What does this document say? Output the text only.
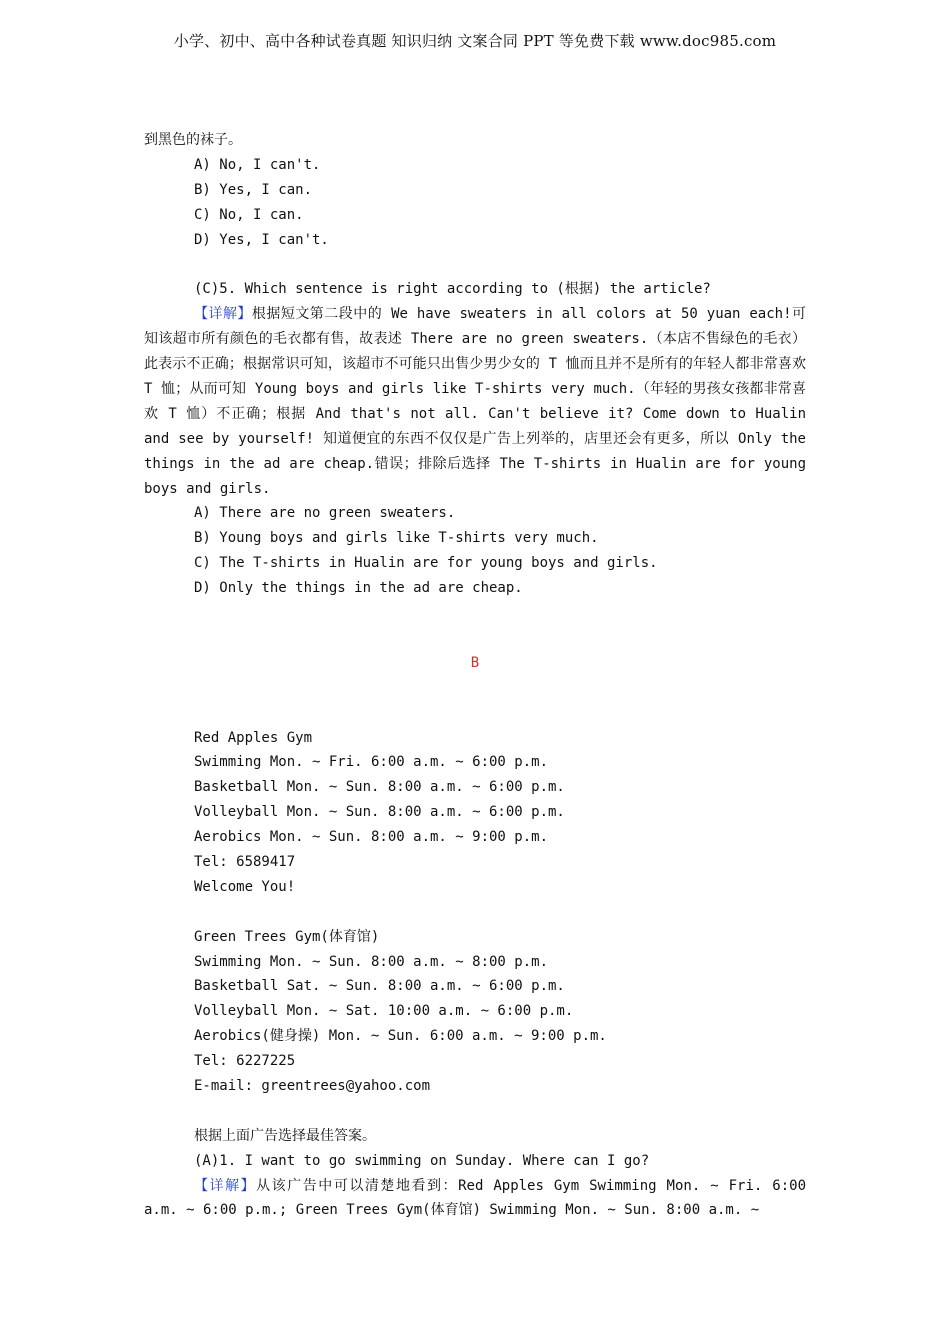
小学、初中、高中各种试卷真题 知识归纳 文案合同 PPT 等免费下载 www.doc985.com
到黑色的袜子。
A) No, I can't.
B) Yes, I can.
C) No, I can.
D) Yes, I can't.
(C)5. Which sentence is right according to (根据) the article?

【详解】根据短文第二段中的 We have sweaters in all colors at 50 yuan each!可知该超市所有颜色的毛衣都有售，故表述 There are no green sweaters.（本店不售绿色的毛衣）此表示不正确；根据常识可知，该超市不可能只出售少男少女的 T 恤而且并不是所有的年轻人都非常喜欢 T 恤；从而可知 Young boys and girls like T-shirts very much.（年轻的男孩女孩都非常喜欢 T 恤）不正确；根据 And that's not all. Can't believe it? Come down to Hualin and see by yourself! 知道便宜的东西不仅仅是广告上列举的，店里还会有更多，所以 Only the things in the ad are cheap.错误；排除后选择 The T-shirts in Hualin are for young boys and girls.

A) There are no green sweaters.
B) Young boys and girls like T-shirts very much.
C) The T-shirts in Hualin are for young boys and girls.
D) Only the things in the ad are cheap.
B
Red Apples Gym
Swimming Mon. ~ Fri. 6:00 a.m. ~ 6:00 p.m.
Basketball Mon. ~ Sun. 8:00 a.m. ~ 6:00 p.m.
Volleyball Mon. ~ Sun. 8:00 a.m. ~ 6:00 p.m.
Aerobics Mon. ~ Sun. 8:00 a.m. ~ 9:00 p.m.
Tel: 6589417
Welcome You!
Green Trees Gym(体育馆)
Swimming Mon. ~ Sun. 8:00 a.m. ~ 8:00 p.m.
Basketball Sat. ~ Sun. 8:00 a.m. ~ 6:00 p.m.
Volleyball Mon. ~ Sat. 10:00 a.m. ~ 6:00 p.m.
Aerobics(健身操) Mon. ~ Sun. 6:00 a.m. ~ 9:00 p.m.
Tel: 6227225
E-mail: greentrees@yahoo.com
根据上面广告选择最佳答案。
(A)1. I want to go swimming on Sunday. Where can I go?

【详解】从该广告中可以清楚地看到：Red Apples Gym Swimming Mon. ~ Fri. 6:00 a.m. ~ 6:00 p.m.; Green Trees Gym(体育馆) Swimming Mon. ~ Sun. 8:00 a.m. ~
